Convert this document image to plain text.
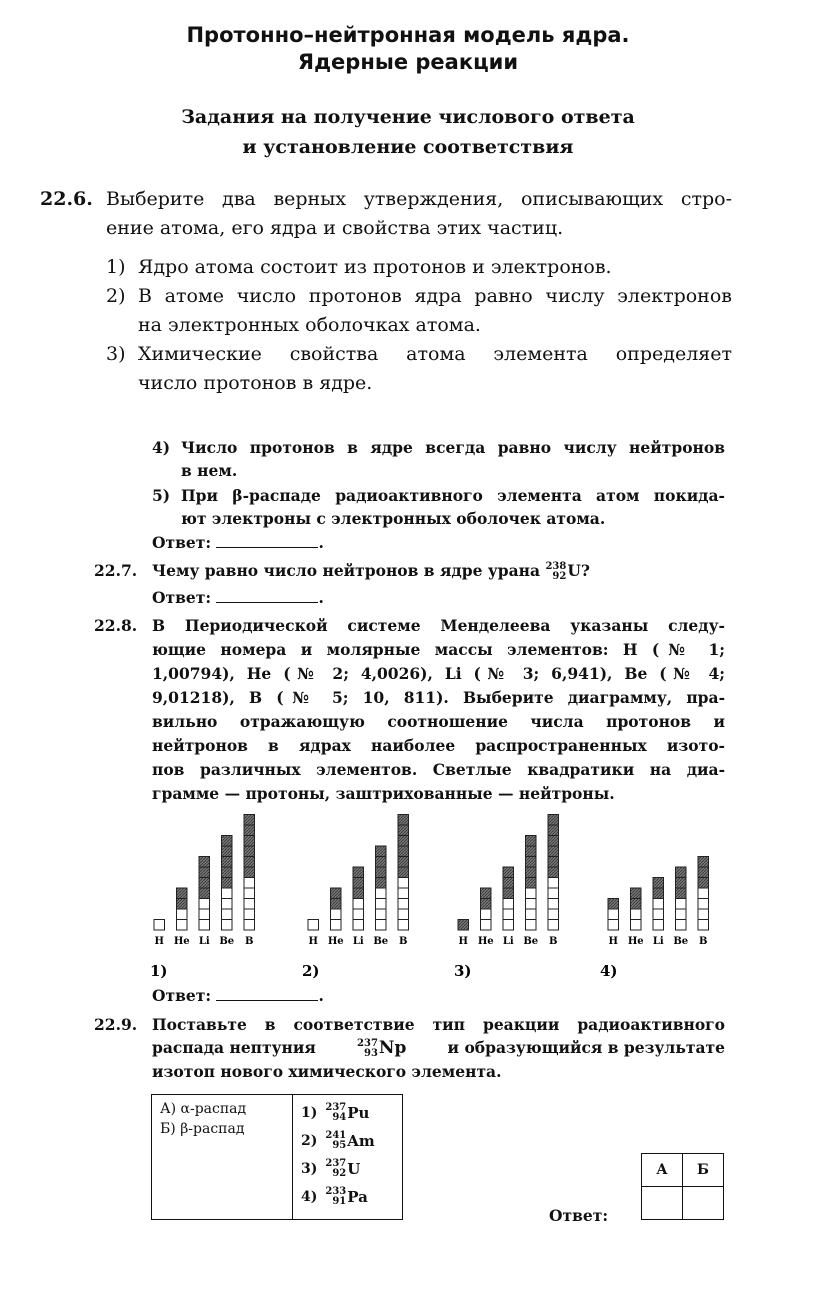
Протонно–нейтронная модель ядра.
Ядерные реакции
Задания на получение числового ответа
и установление соответствия
22.6. Выберите два верных утверждения, описывающих стро-
ение атома, его ядра и свойства этих частиц.
1) Ядро атома состоит из протонов и электронов.
2) В атоме число протонов ядра равно числу электронов
на электронных оболочках атома.
3) Химические свойства атома элемента определяет
число протонов в ядре.
4) Число протонов в ядре всегда равно числу нейтронов
в нем.
5) При β-распаде радиоактивного элемента атом покида-
ют электроны с электронных оболочек атома.
Ответ:	.
22.7. Чему равно число нейтронов в ядре урана 238
92 U?
Ответ:	.
22.8. В Периодической системе Менделеева указаны следу-
ющие номера и молярные массы элементов: H (№ 1;
1,00794), He (№ 2; 4,0026), Li (№ 3; 6,941), Be (№ 4;
9,01218), B (№ 5; 10, 811). Выберите диаграмму, пра-
вильно отражающую соотношение числа протонов и
нейтронов в ядрах наиболее распространенных изото-
пов различных элементов. Светлые квадратики на диа-
грамме — протоны, заштрихованные — нейтроны.
H He Li Be B
1)
H He Li Be B
2)
H He Li Be B
3)
H He Li Be B
4)
Ответ:	.
22.9. Поставьте в соответствие тип реакции радиоактивного
распада нептуния	237
93 Np	и образующийся в результате
изотоп нового химического элемента.
А) α-распад
Б) β-распад

1) 237
94 Pu
2) 241
95 Am
3) 237
92 U
4) 233
91 Pa
Ответ:
А	Б
